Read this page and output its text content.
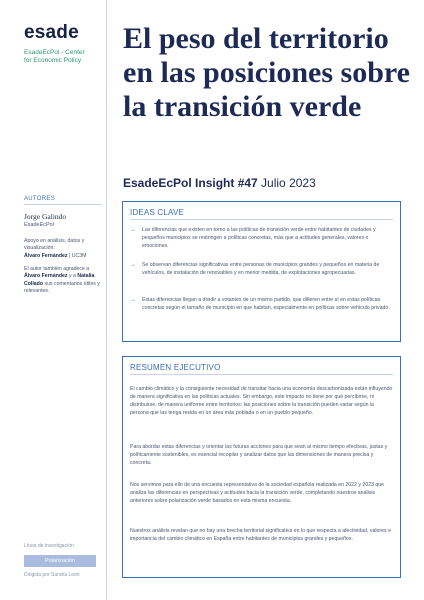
esade
EsadeEcPol - Center
for Economic Policy
AUTORES
Jorge Galindo
EsadeEcPol
Apoyo en análisis, datos y visualización:
Álvaro Fernández | UC3M
El autor también agradece a Álvaro Fernández y a Natalia Collado sus comentarios útiles y relevantes.
Línea de investigación
Polarización
Dirigida por Sandra León
El peso del territorio en las posiciones sobre la transición verde
EsadeEcPol Insight #47 Julio 2023
IDEAS CLAVE
→ Las diferencias que existen en torno a las políticas de transición verde entre habitantes de ciudades y pequeños municipios se restringen a políticas concretas, más que a actitudes generales, valores o emociones.
→ Se observan diferencias significativas entre personas de municipios grandes y pequeños en materia de vehículos, de instalación de renovables y en menor medida, de explotaciones agropecuarias.
→ Estas diferencias llegan a dividir a votantes de un mismo partido, que difieren entre sí en estas políticas concretas según el tamaño de municipio en que habitan, especialmente en políticas sobre vehículo privado.
RESUMEN EJECUTIVO

El cambio climático y la consiguiente necesidad de transitar hacia una economía descarbonizada están influyendo de manera significativa en las políticas actuales. Sin embargo, este impacto no tiene por qué percibirse, ni distribuirse, de manera uniforme entre territorios: las posiciones sobre la transición pueden variar según la persona que las tenga resida en un área más poblada o en un pueblo pequeño.

Para abordar estas diferencias y orientar las futuras acciones para que sean al mismo tiempo efectivas, justas y políticamente sostenibles, es esencial recopilar y analizar datos que las dimensiones de manera precisa y concreta.

Nos servimos para ello de una encuesta representativa de la sociedad española realizada en 2022 y 2023 que analiza las diferencias en perspectivas y actitudes hacia la transición verde, completando nuestros análisis anteriores sobre polarización verde basados en esta misma encuesta.

Nuestros análisis revelan que no hay una brecha territorial significativa en lo que respecta a afectividad, valores e importancia del cambio climático en España entre habitantes de municipios grandes y pequeños.
